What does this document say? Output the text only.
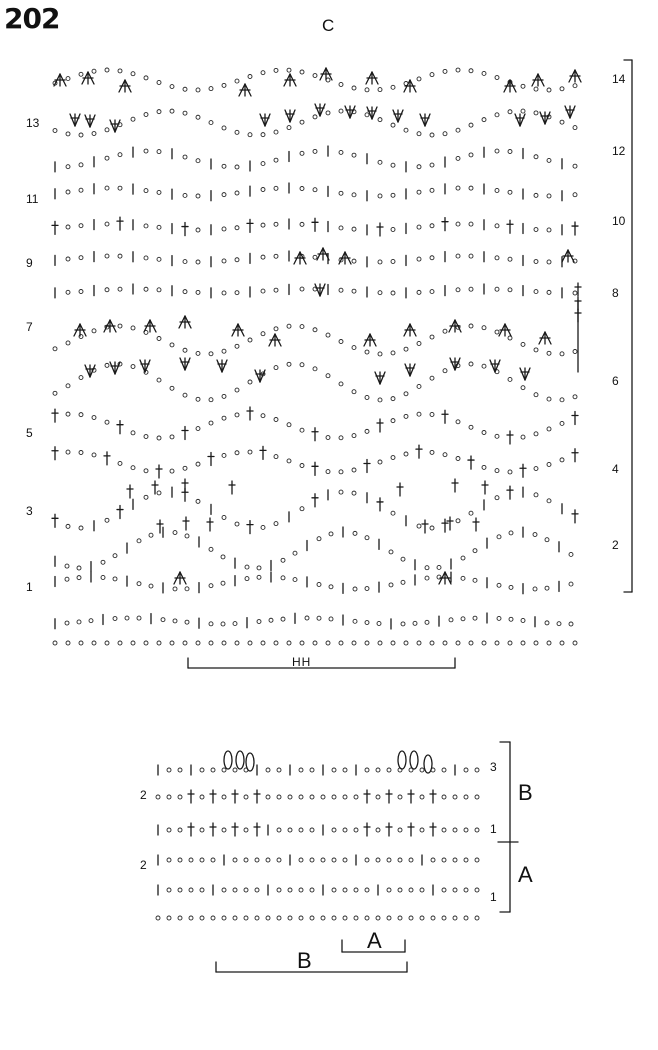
202	C
13
11
9
7
5
3
1
14
12
10
8
6
4
2
HH
2
2
3
1
1
B
A
A
B
